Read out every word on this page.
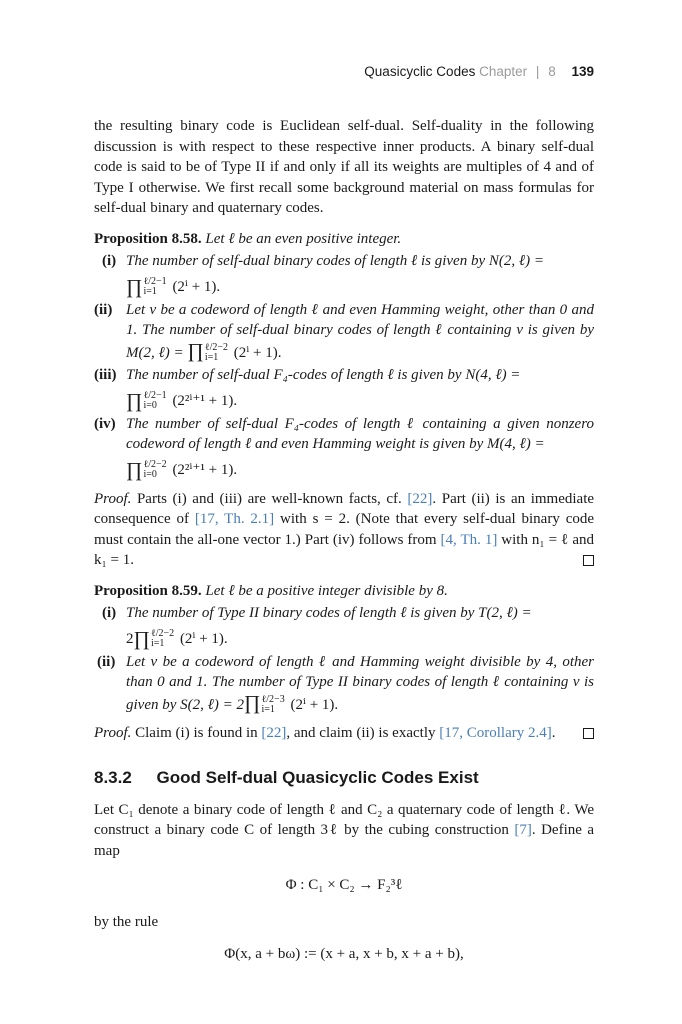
Quasicyclic Codes Chapter | 8 139

the resulting binary code is Euclidean self-dual. Self-duality in the following discussion is with respect to these respective inner products. A binary self-dual code is said to be of Type II if and only if all its weights are multiples of 4 and of Type I otherwise. We first recall some background material on mass formulas for self-dual binary and quaternary codes.

Proposition 8.58. Let ℓ be an even positive integer.

(i) The number of self-dual binary codes of length ℓ is given by N(2, ℓ) =
∏ ℓ/2−1
i=1	(2ⁱ + 1).
(ii) Let v be a codeword of length ℓ and even Hamming weight, other than 0 and 1. The number of self-dual binary codes of length ℓ containing v is given by M(2, ℓ) = ∏ ℓ/2−2
i=1	(2ⁱ + 1).
(iii) The number of self-dual F₄-codes of length ℓ is given by N(4, ℓ) =
∏ ℓ/2−1
i=0	(2²ⁱ⁺¹ + 1).
(iv) The number of self-dual F₄-codes of length ℓ containing a given nonzero codeword of length ℓ and even Hamming weight is given by M(4, ℓ) =
∏ ℓ/2−2
i=0	(2²ⁱ⁺¹ + 1).

Proof. Parts (i) and (iii) are well-known facts, cf. [22]. Part (ii) is an immediate consequence of [17, Th. 2.1] with s = 2. (Note that every self-dual binary code must contain the all-one vector 1.) Part (iv) follows from [4, Th. 1] with n₁ = ℓ and k₁ = 1.

Proposition 8.59. Let ℓ be a positive integer divisible by 8.

(i) The number of Type II binary codes of length ℓ is given by T(2, ℓ) =
2∏ ℓ/2−2
i=1	(2ⁱ + 1).
(ii) Let v be a codeword of length ℓ and Hamming weight divisible by 4, other than 0 and 1. The number of Type II binary codes of length ℓ containing v is given by S(2, ℓ) = 2∏ ℓ/2−3
i=1	(2ⁱ + 1).

Proof. Claim (i) is found in [22], and claim (ii) is exactly [17, Corollary 2.4].

8.3.2 Good Self-dual Quasicyclic Codes Exist

Let C₁ denote a binary code of length ℓ and C₂ a quaternary code of length ℓ. We construct a binary code C of length 3ℓ by the cubing construction [7]. Define a map

Φ : C₁ × C₂ → F₂³ℓ

by the rule

Φ(x, a + bω) := (x + a, x + b, x + a + b),
